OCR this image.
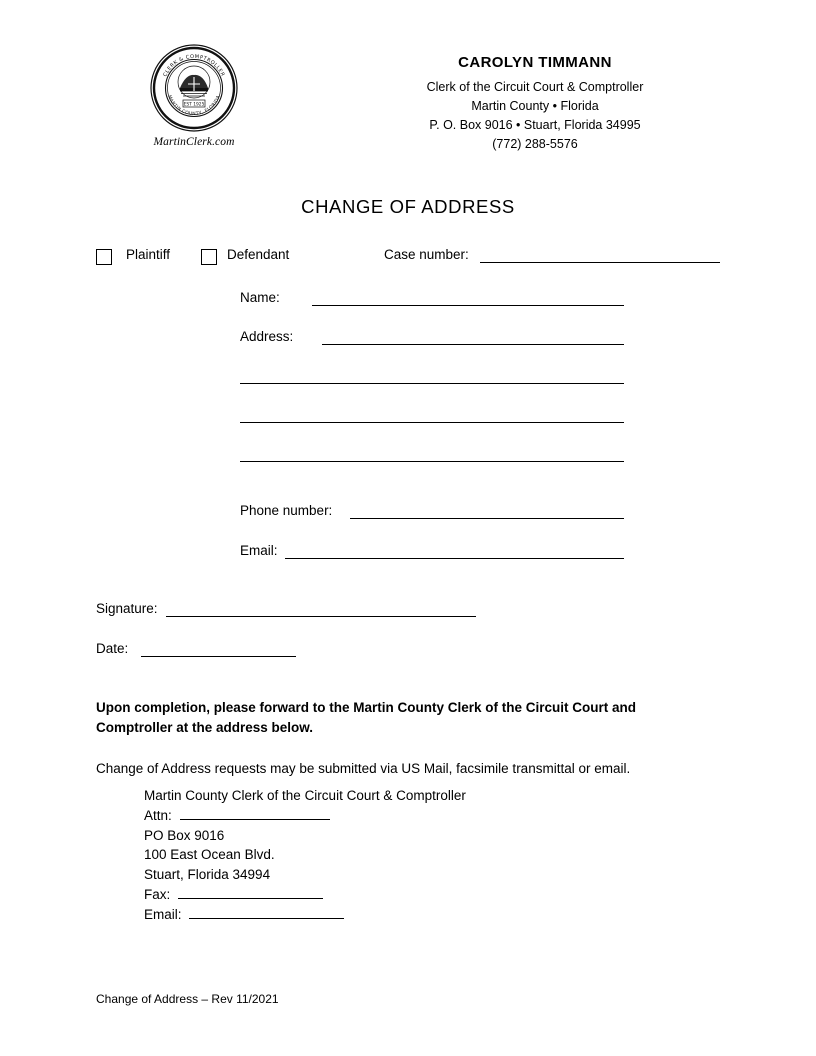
CLERK & COMPTROLLER
MARTIN COUNTY, FLORIDA
EST 1925
MartinClerk.com
CAROLYN TIMMANN
Clerk of the Circuit Court & Comptroller
Martin County • Florida
P. O. Box 9016 • Stuart, Florida 34995
(772) 288-5576
CHANGE OF ADDRESS
Plaintiff	Defendant	Case number:
Name:
Address:
Phone number:
Email:
Signature:
Date:
Upon completion, please forward to the Martin County Clerk of the Circuit Court and Comptroller at the address below.
Change of Address requests may be submitted via US Mail, facsimile transmittal or email.
Martin County Clerk of the Circuit Court & Comptroller
Attn:
PO Box 9016
100 East Ocean Blvd.
Stuart, Florida 34994
Fax:
Email:
Change of Address – Rev 11/2021
